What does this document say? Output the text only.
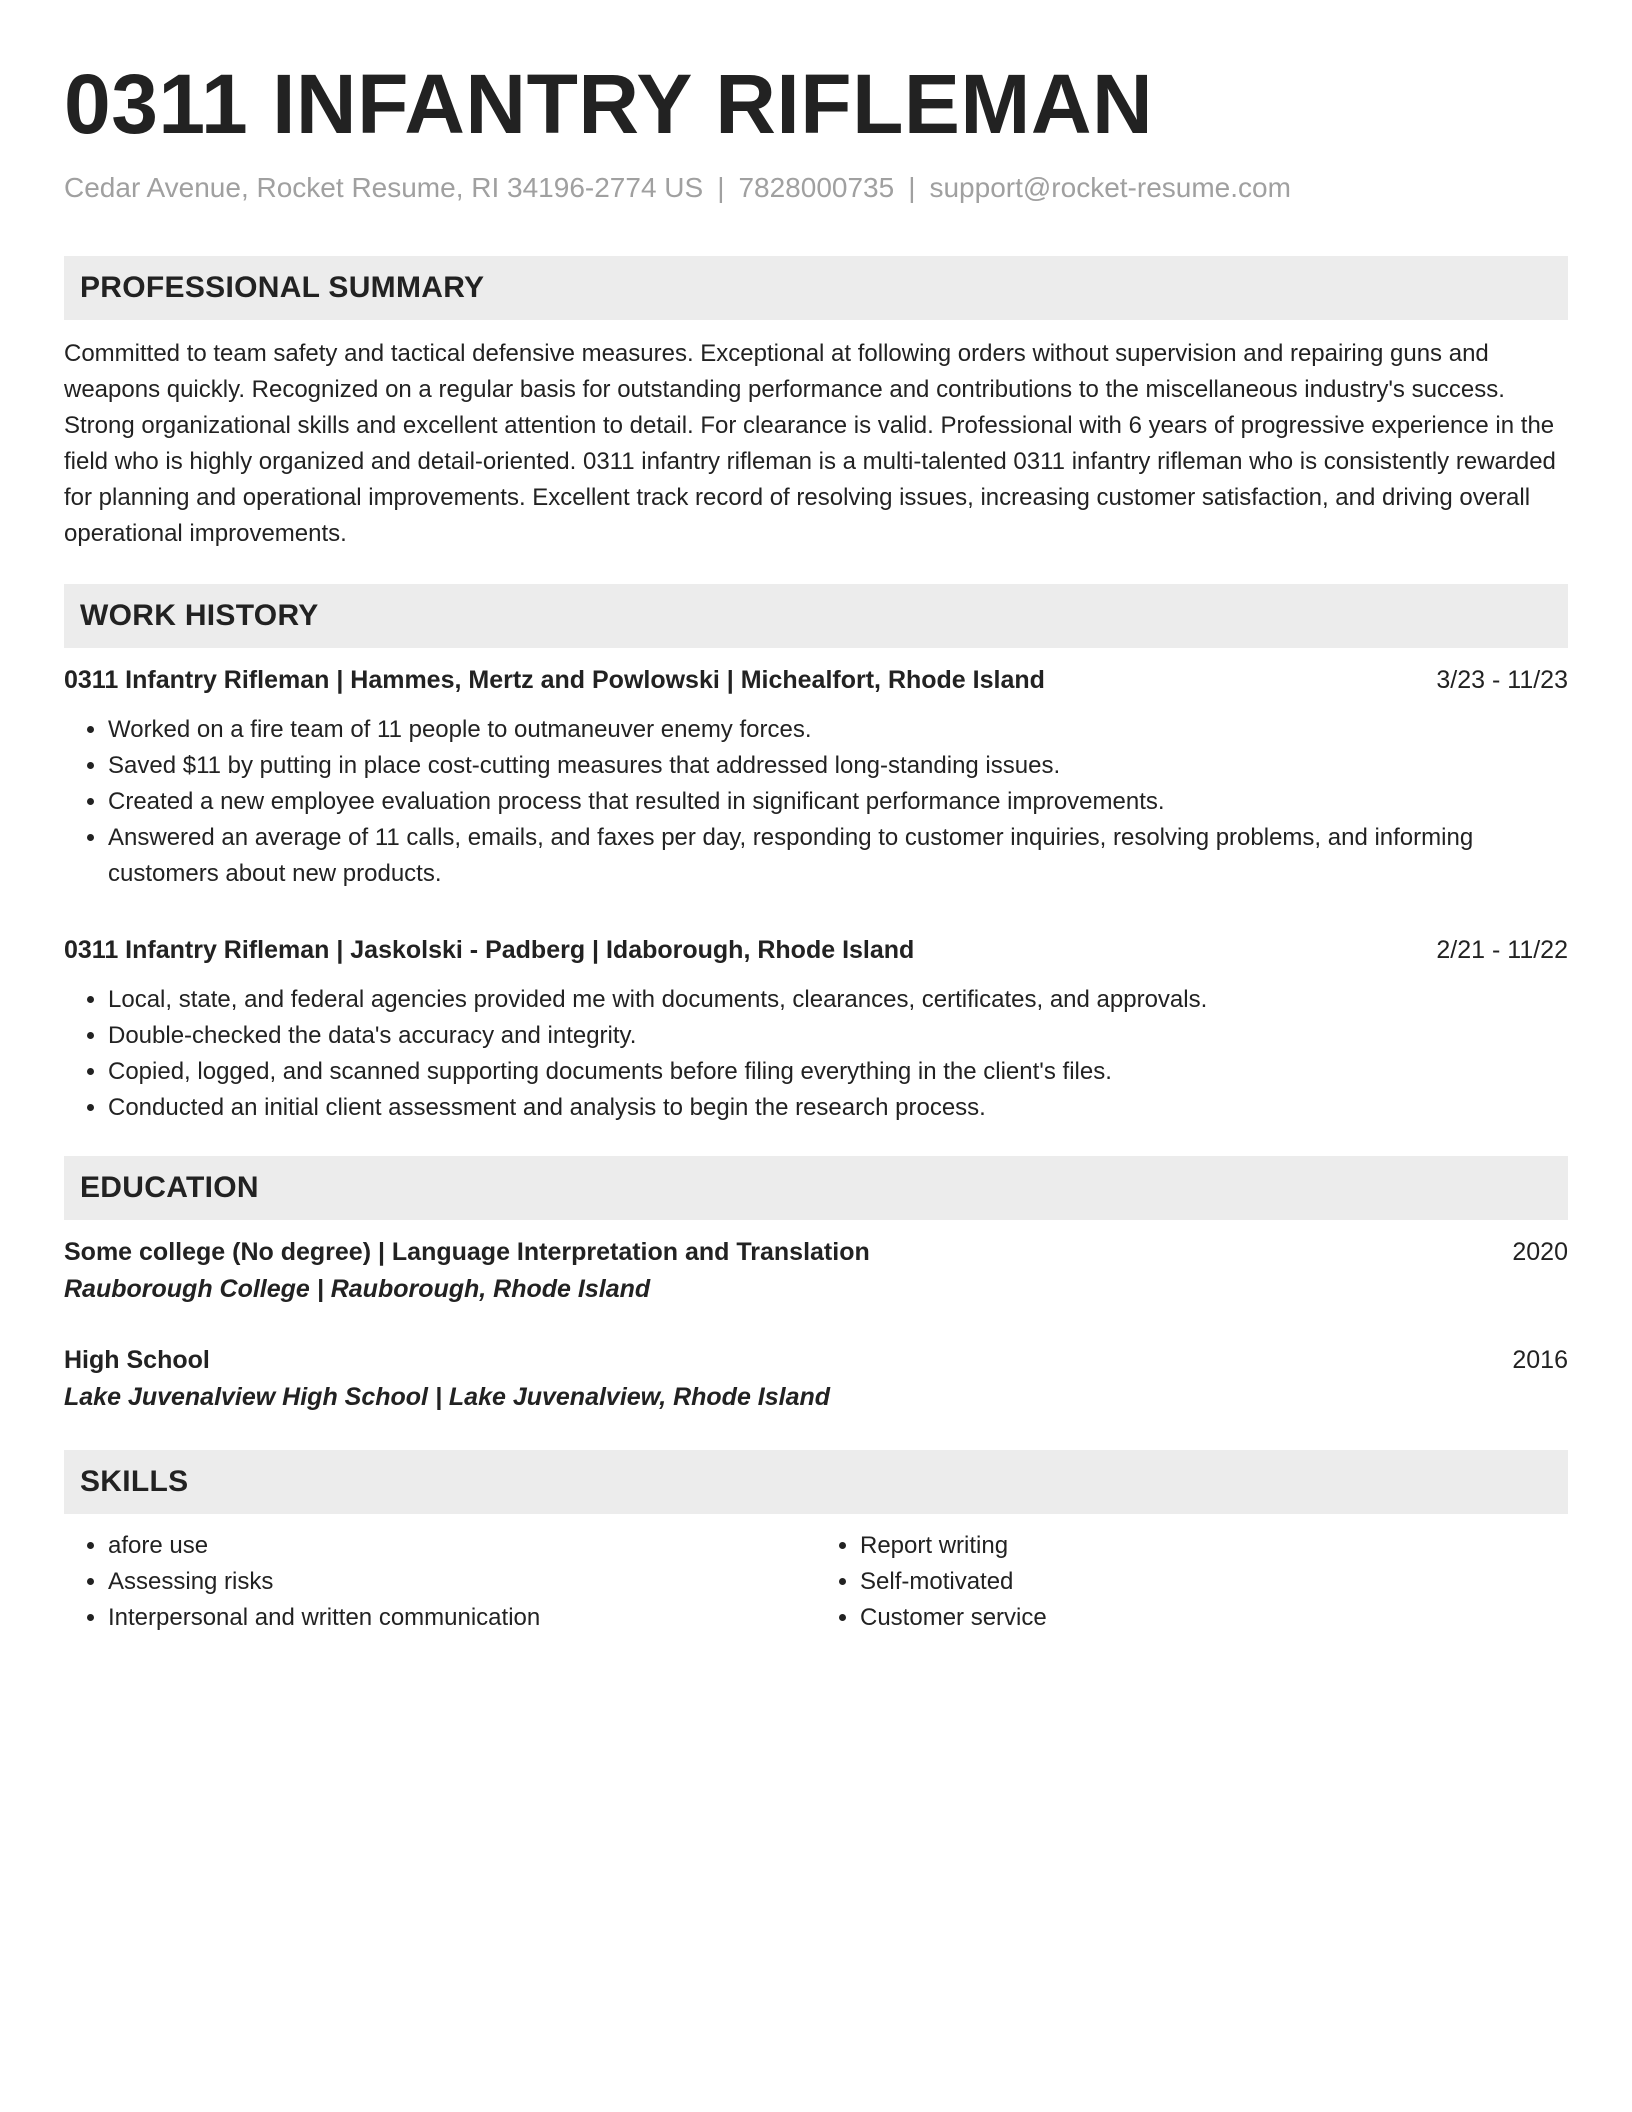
0311 INFANTRY RIFLEMAN
Cedar Avenue, Rocket Resume, RI 34196-2774 US | 7828000735 | support@rocket-resume.com
PROFESSIONAL SUMMARY

Committed to team safety and tactical defensive measures. Exceptional at following orders without supervision and repairing guns and weapons quickly. Recognized on a regular basis for outstanding performance and contributions to the miscellaneous industry's success. Strong organizational skills and excellent attention to detail. For clearance is valid. Professional with 6 years of progressive experience in the field who is highly organized and detail-oriented. 0311 infantry rifleman is a multi-talented 0311 infantry rifleman who is consistently rewarded for planning and operational improvements. Excellent track record of resolving issues, increasing customer satisfaction, and driving overall operational improvements.

WORK HISTORY
0311 Infantry Rifleman | Hammes, Mertz and Powlowski | Michealfort, Rhode Island	3/23 - 11/23
• Worked on a fire team of 11 people to outmaneuver enemy forces.
• Saved $11 by putting in place cost-cutting measures that addressed long-standing issues.
• Created a new employee evaluation process that resulted in significant performance improvements.
• Answered an average of 11 calls, emails, and faxes per day, responding to customer inquiries, resolving problems, and informing customers about new products.
0311 Infantry Rifleman | Jaskolski - Padberg | Idaborough, Rhode Island	2/21 - 11/22
• Local, state, and federal agencies provided me with documents, clearances, certificates, and approvals.
• Double-checked the data's accuracy and integrity.
• Copied, logged, and scanned supporting documents before filing everything in the client's files.
• Conducted an initial client assessment and analysis to begin the research process.
EDUCATION
Some college (No degree) | Language Interpretation and Translation	2020
Rauborough College | Rauborough, Rhode Island
High School	2016
Lake Juvenalview High School | Lake Juvenalview, Rhode Island
SKILLS
• afore use
• Assessing risks
• Interpersonal and written communication
• Report writing
• Self-motivated
• Customer service
